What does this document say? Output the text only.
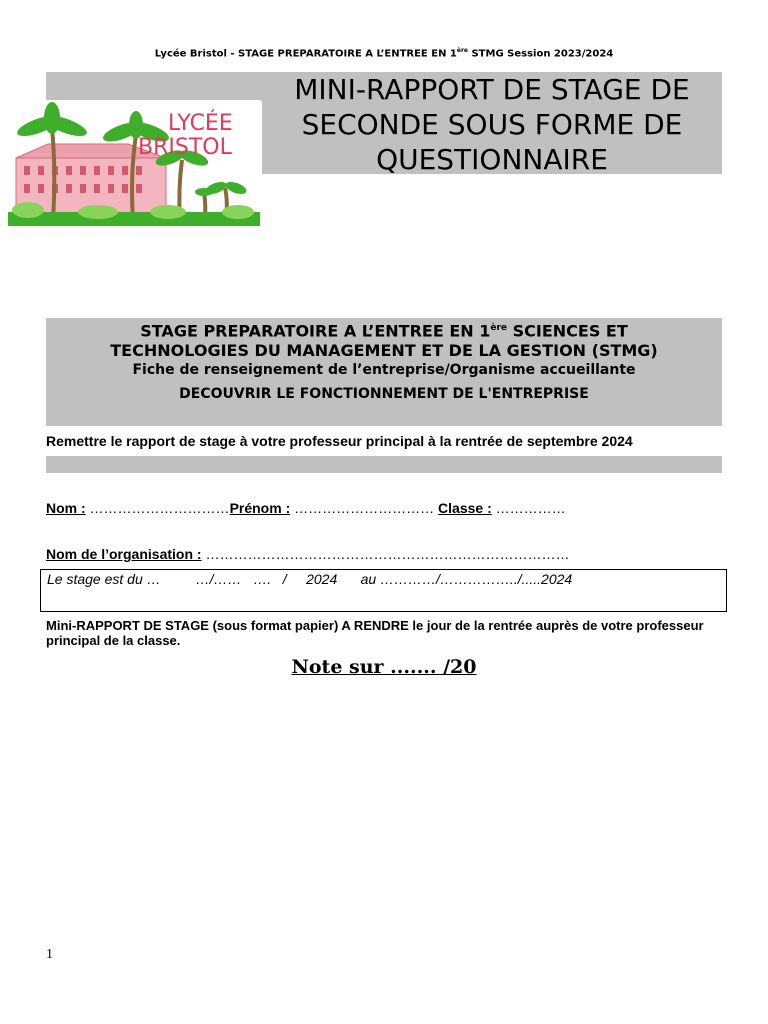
Lycée Bristol - STAGE PREPARATOIRE A L’ENTREE EN 1ère STMG Session 2023/2024
MINI-RAPPORT DE STAGE DE
SECONDE SOUS FORME DE
QUESTIONNAIRE
LYCÉE
BRISTOL
STAGE PREPARATOIRE A L’ENTREE EN 1ère SCIENCES ET
TECHNOLOGIES DU MANAGEMENT ET DE LA GESTION (STMG)
Fiche de renseignement de l’entreprise/Organisme accueillante
DECOUVRIR LE FONCTIONNEMENT DE L'ENTREPRISE
Remettre le rapport de stage à votre professeur principal à la rentrée de septembre 2024
Nom : …………………………Prénom : ………………………… Classe : ……………
Nom de l’organisation : ……………………………………………………………………
Le stage est du …         …/……   ….   /     2024      au …………/……………../.....2024
Mini-RAPPORT DE STAGE (sous format papier) A RENDRE le jour de la rentrée auprès de votre professeur principal de la classe.
Note sur ....... /20
1
